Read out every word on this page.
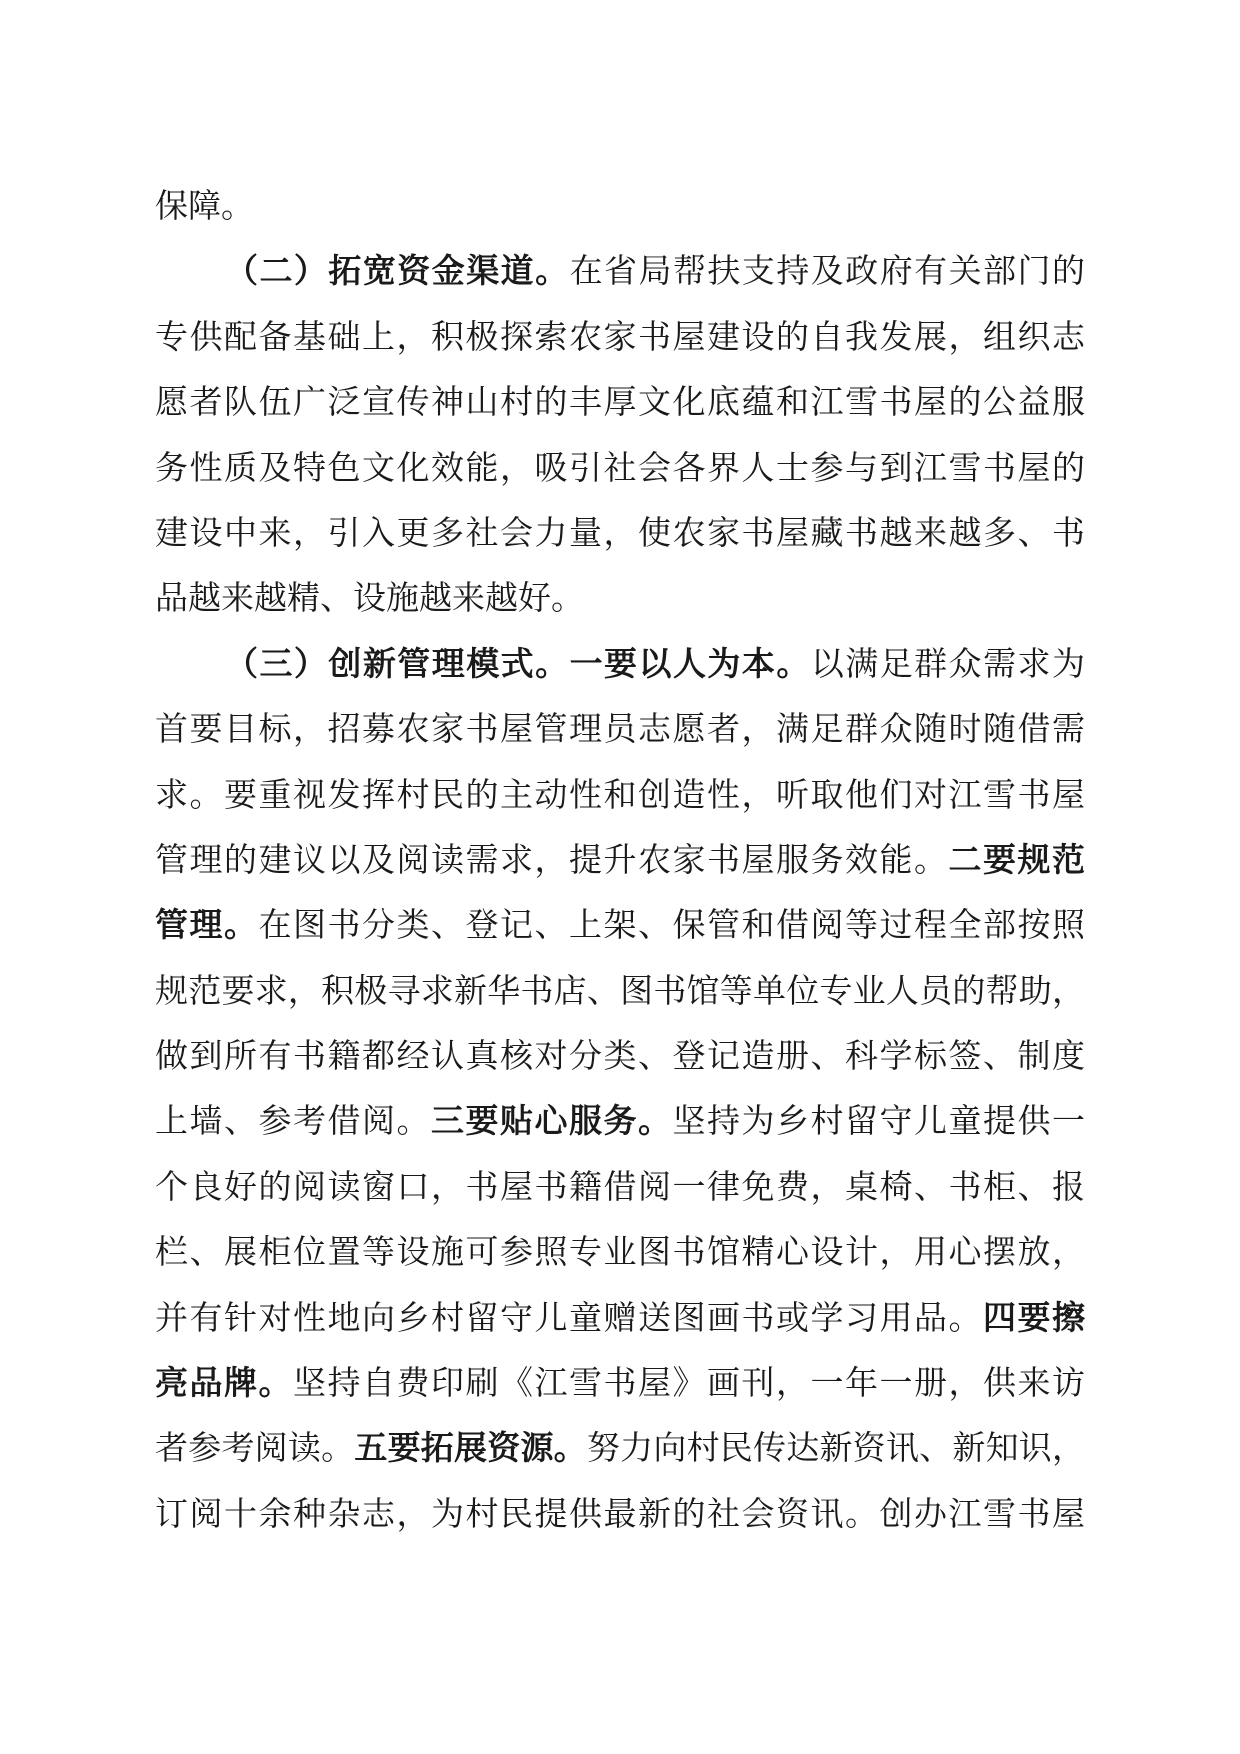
保障。
（二）拓宽资金渠道。在省局帮扶支持及政府有关部门的
专供配备基础上，积极探索农家书屋建设的自我发展，组织志
愿者队伍广泛宣传神山村的丰厚文化底蕴和江雪书屋的公益服
务性质及特色文化效能，吸引社会各界人士参与到江雪书屋的
建设中来，引入更多社会力量，使农家书屋藏书越来越多、书
品越来越精、设施越来越好。
（三）创新管理模式。一要以人为本。以满足群众需求为
首要目标，招募农家书屋管理员志愿者，满足群众随时随借需
求。要重视发挥村民的主动性和创造性，听取他们对江雪书屋
管理的建议以及阅读需求，提升农家书屋服务效能。二要规范
管理。在图书分类、登记、上架、保管和借阅等过程全部按照
规范要求，积极寻求新华书店、图书馆等单位专业人员的帮助，
做到所有书籍都经认真核对分类、登记造册、科学标签、制度
上墙、参考借阅。三要贴心服务。坚持为乡村留守儿童提供一
个良好的阅读窗口，书屋书籍借阅一律免费，桌椅、书柜、报
栏、展柜位置等设施可参照专业图书馆精心设计，用心摆放，
并有针对性地向乡村留守儿童赠送图画书或学习用品。四要擦
亮品牌。坚持自费印刷《江雪书屋》画刊，一年一册，供来访
者参考阅读。五要拓展资源。努力向村民传达新资讯、新知识，
订阅十余种杂志，为村民提供最新的社会资讯。创办江雪书屋
